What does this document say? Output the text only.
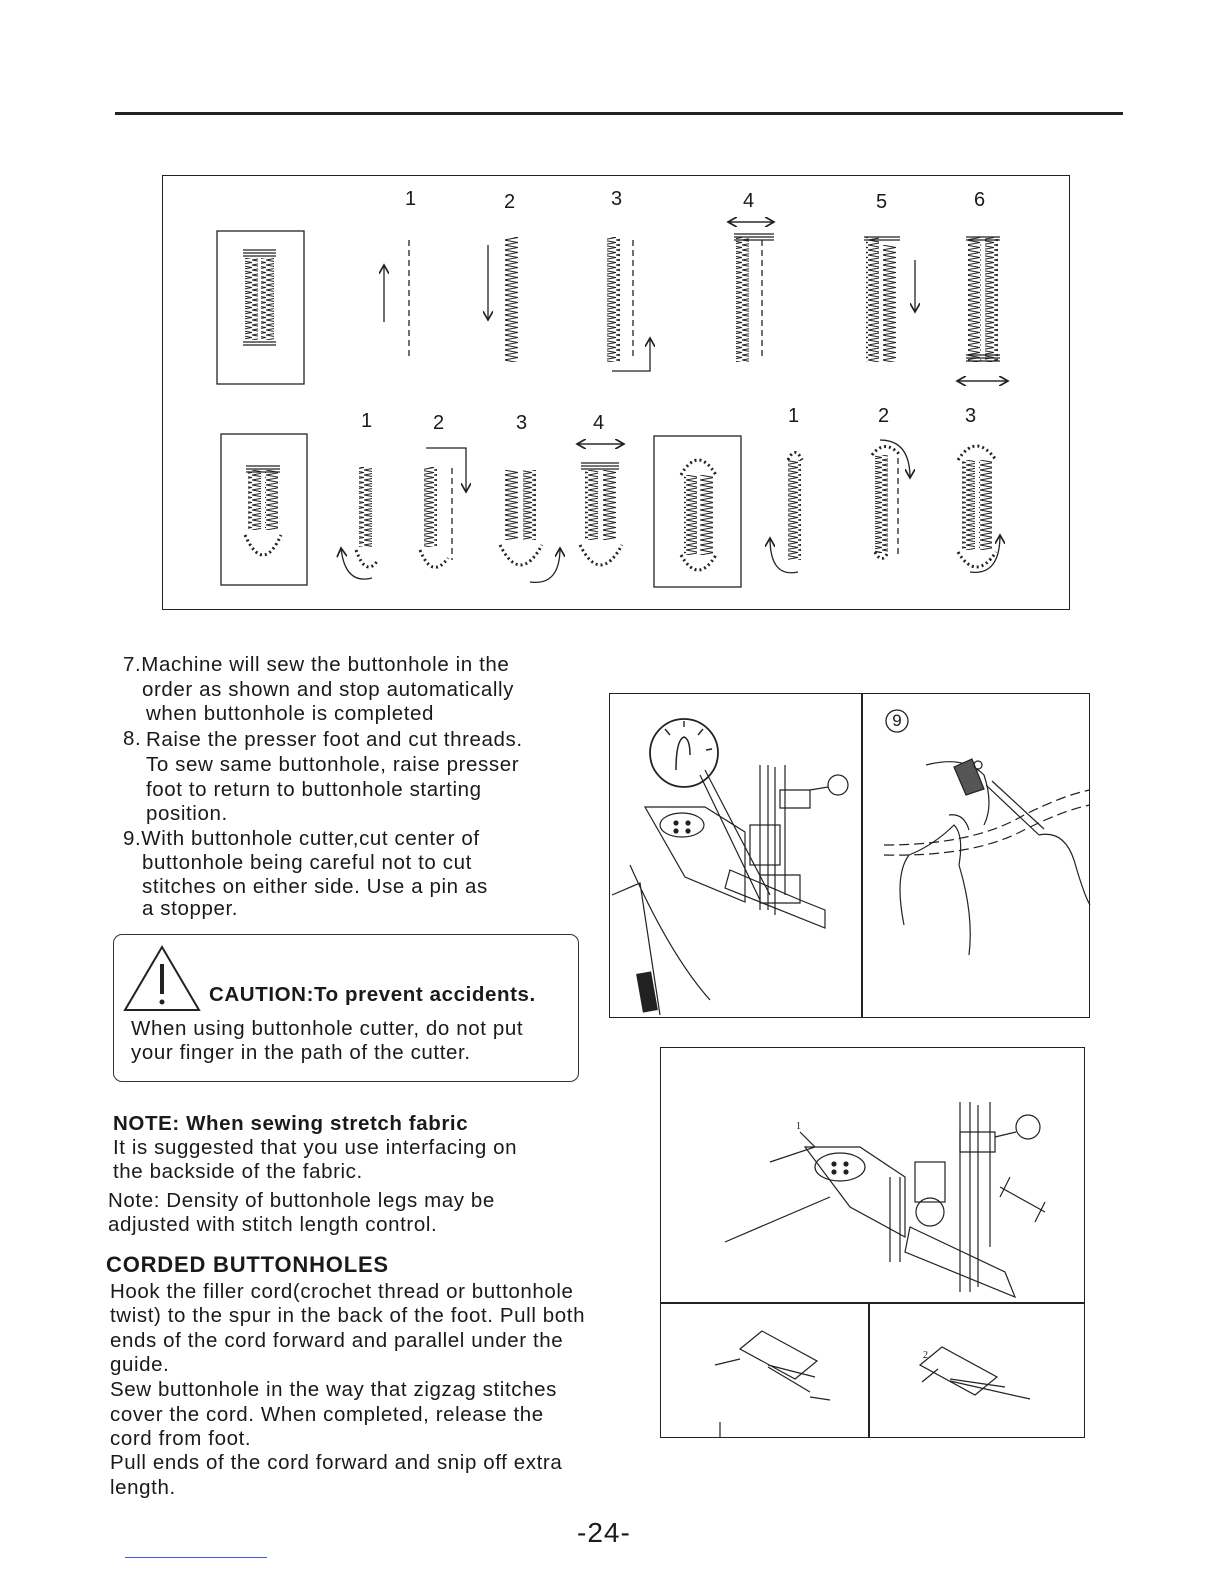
1	2	3	4	5	6
1	2	3	4	1	2	3
7.Machine will sew the buttonhole in the
order as shown and stop automatically
when buttonhole is completed
8. Raise the presser foot and cut threads.
To sew same buttonhole, raise presser
foot to return to buttonhole starting
position.
9.With buttonhole cutter,cut center of
buttonhole being careful not to cut
stitches on either side. Use a pin as
a stopper.
CAUTION:To prevent accidents.
When using buttonhole cutter, do not put
your finger in the path of the cutter.
NOTE: When sewing stretch fabric
It is suggested that you use interfacing on
the backside of the fabric.
Note: Density of buttonhole legs may be
adjusted with stitch length control.
CORDED BUTTONHOLES
Hook the filler cord(crochet thread or buttonhole
twist) to the spur in the back of the foot. Pull both
ends of the cord forward and parallel under the
guide.
Sew buttonhole in the way that zigzag stitches
cover the cord. When completed, release the
cord from foot.
Pull ends of the cord forward and snip off extra
length.
9
1
2
-24-
